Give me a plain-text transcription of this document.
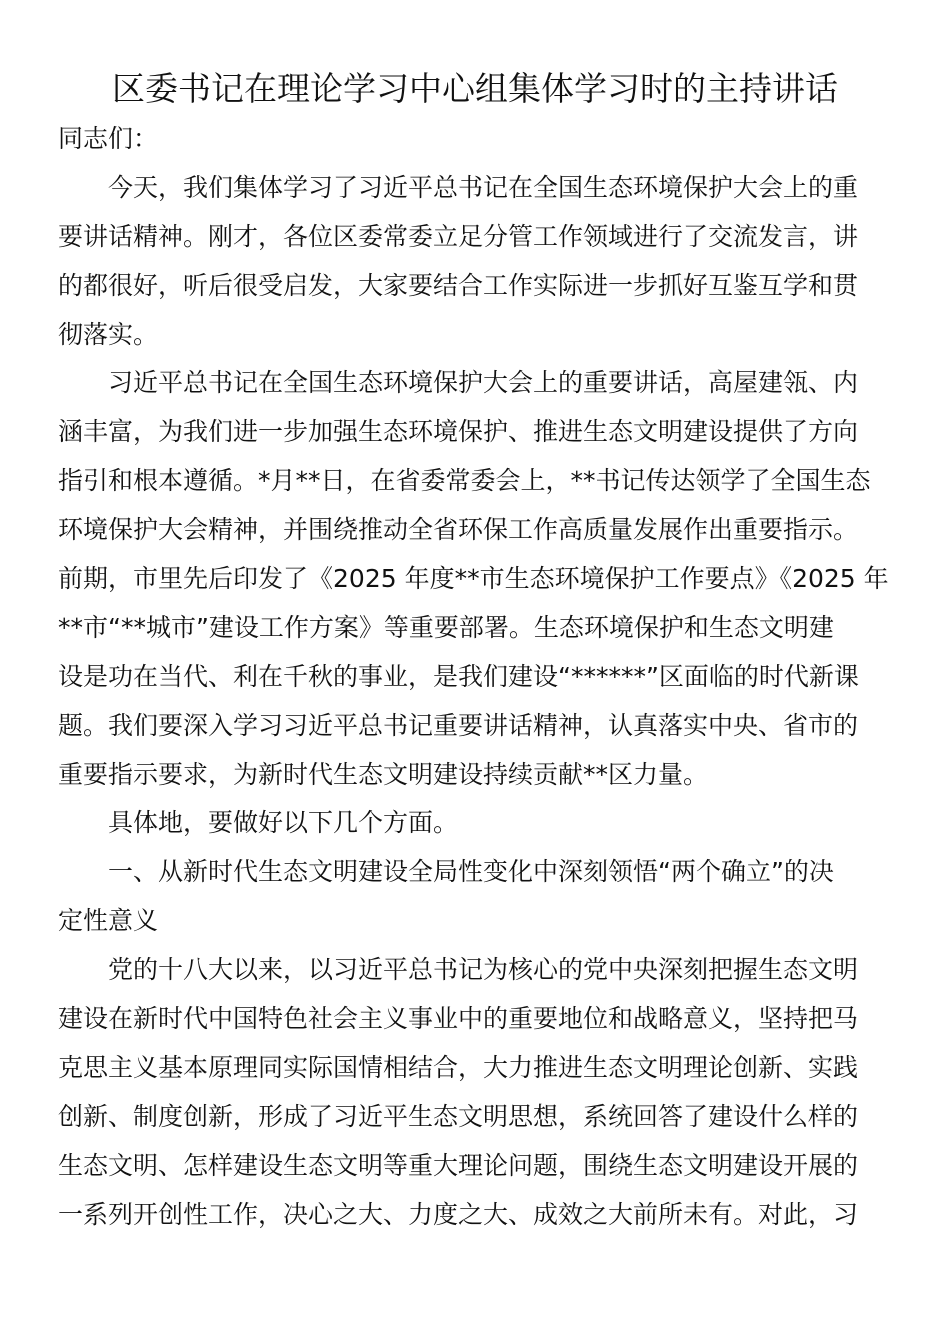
区委书记在理论学习中心组集体学习时的主持讲话
同志们：
今天，我们集体学习了习近平总书记在全国生态环境保护大会上的重
要讲话精神。刚才，各位区委常委立足分管工作领域进行了交流发言，讲
的都很好，听后很受启发，大家要结合工作实际进一步抓好互鉴互学和贯
彻落实。
习近平总书记在全国生态环境保护大会上的重要讲话，高屋建瓴、内
涵丰富，为我们进一步加强生态环境保护、推进生态文明建设提供了方向
指引和根本遵循。*月**日，在省委常委会上，**书记传达领学了全国生态
环境保护大会精神，并围绕推动全省环保工作高质量发展作出重要指示。
前期，市里先后印发了《2025 年度**市生态环境保护工作要点》《2025 年
**市“**城市”建设工作方案》等重要部署。生态环境保护和生态文明建
设是功在当代、利在千秋的事业，是我们建设“******”区面临的时代新课
题。我们要深入学习习近平总书记重要讲话精神，认真落实中央、省市的
重要指示要求，为新时代生态文明建设持续贡献**区力量。
具体地，要做好以下几个方面。
一、从新时代生态文明建设全局性变化中深刻领悟“两个确立”的决
定性意义
党的十八大以来，以习近平总书记为核心的党中央深刻把握生态文明
建设在新时代中国特色社会主义事业中的重要地位和战略意义，坚持把马
克思主义基本原理同实际国情相结合，大力推进生态文明理论创新、实践
创新、制度创新，形成了习近平生态文明思想，系统回答了建设什么样的
生态文明、怎样建设生态文明等重大理论问题，围绕生态文明建设开展的
一系列开创性工作，决心之大、力度之大、成效之大前所未有。对此，习
